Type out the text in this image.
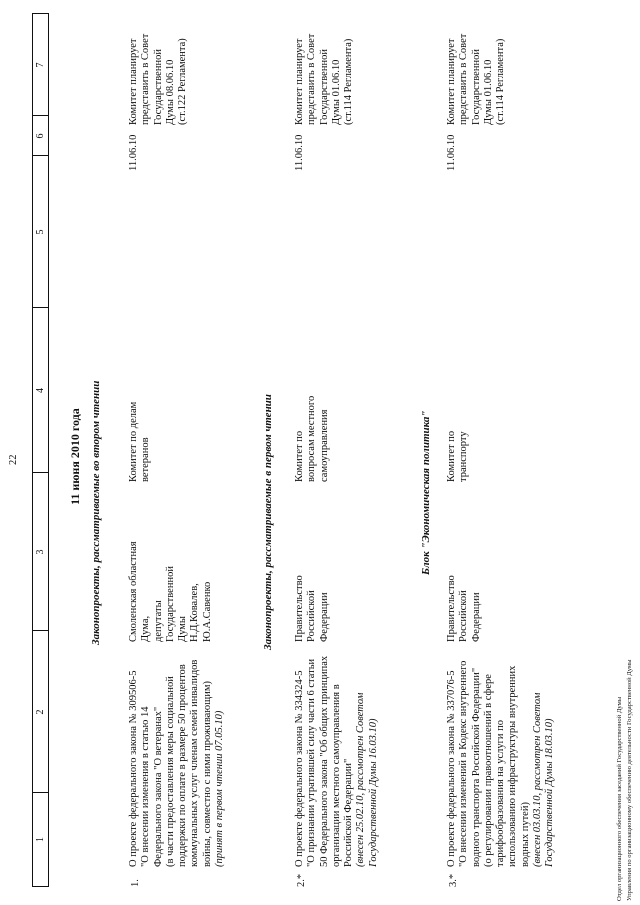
22
1
2
3
4
5
6
7
11 июня 2010 года Законопроекты, рассматриваемые во втором чтении
1.
О проекте федерального закона № 309506-5 "О внесении изменения в статью 14 Федерального закона "О ветеранах" (в части предоставления меры социальной поддержки по оплате в размере 50 процентов коммунальных услуг членам семей инвалидов войны, совместно с ними проживающим) (принят в первом чтении 07.05.10)
Смоленская областная Дума, депутаты Государственной Думы Н.Д.Ковалев, Ю.А.Савенко
Комитет по делам ветеранов
11.06.10
Комитет планирует представить в Совет Государственной Думы 08.06.10 (ст.122 Регламента)
Законопроекты, рассматриваемые в первом чтении
2.*
О проекте федерального закона № 334324-5 "О признании утратившей силу части 6 статьи 50 Федерального закона "Об общих принципах организации местного самоуправления в Российской Федерации" (внесен 25.02.10, рассмотрен Советом Государственной Думы 16.03.10)
Правительство Российской Федерации
Комитет по вопросам местного самоуправления
11.06.10
Комитет планирует представить в Совет Государственной Думы 01.06.10 (ст.114 Регламента)
Блок "Экономическая политика"
3.*
О проекте федерального закона № 337076-5 "О внесении изменений в Кодекс внутреннего водного транспорта Российской Федерации" (о регулировании правоотношений в сфере тарифообразования на услуги по использованию инфраструктуры внутренних водных путей) (внесен 03.03.10, рассмотрен Советом Государственной Думы 18.03.10)
Правительство Российской Федерации
Комитет по транспорту
11.06.10
Комитет планирует представить в Совет Государственной Думы 01.06.10 (ст.114 Регламента)
Отдел организационного обеспечения заседаний Государственной Думы Управления по организационному обеспечению деятельности Государственной Думы
